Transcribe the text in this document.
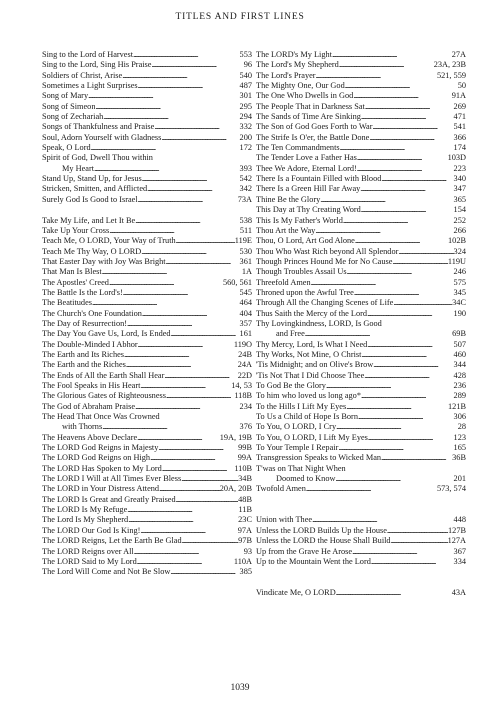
TITLES AND FIRST LINES
Sing to the Lord of Harvest . . .	553
Sing to the Lord, Sing His Praise . . .	96
Soldiers of Christ, Arise . . .	540
Sometimes a Light Surprises . . .	487
Song of Mary . . .	301
Song of Simeon . . .	295
Song of Zechariah . . .	294
Songs of Thankfulness and Praise . . .	332
Soul, Adorn Yourself with Gladness . . .	200
Speak, O Lord . . .	172
Spirit of God, Dwell Thou within
My Heart . . .	393
Stand Up, Stand Up, for Jesus . . .	542
Stricken, Smitten, and Afflicted . . .	342
Surely God Is Good to Israel . . .	73A
Take My Life, and Let It Be . . .	538
Take Up Your Cross . . .	511
Teach Me, O LORD, Your Way of Truth . . .	119E
Teach Me Thy Way, O LORD . . .	530
That Easter Day with Joy Was Bright . . .	361
That Man Is Blest . . .	1A
The Apostles' Creed . . .	560, 561
The Battle Is the Lord's! . . .	545
The Beatitudes . . .	464
The Church's One Foundation . . .	404
The Day of Resurrection! . . .	357
The Day You Gave Us, Lord, Is Ended . . .	161
The Double-Minded I Abhor . . .	119O
The Earth and Its Riches . . .	24B
The Earth and the Riches . . .	24A
The Ends of All the Earth Shall Hear . . .	22D
The Fool Speaks in His Heart . . .	14, 53
The Glorious Gates of Righteousness . . .	118B
The God of Abraham Praise . . .	234
The Head That Once Was Crowned
with Thorns . . .	376
The Heavens Above Declare . . .	19A, 19B
The LORD God Reigns in Majesty . . .	99B
The LORD God Reigns on High . . .	99A
The LORD Has Spoken to My Lord . . .	110B
The LORD I Will at All Times Ever Bless . . .	34B
The LORD in Your Distress Attend . . .	20A, 20B
The LORD Is Great and Greatly Praised . . .	48B
The LORD Is My Refuge . . .	11B
The Lord Is My Shepherd . . .	23C
The LORD Our God Is King! . . .	97A
The LORD Reigns, Let the Earth Be Glad . . .	97B
The LORD Reigns over All . . .	93
The LORD Said to My Lord . . .	110A
The Lord Will Come and Not Be Slow . . .	385
The LORD's My Light . . .	27A
The Lord's My Shepherd . . .	23A, 23B
The Lord's Prayer . . .	521, 559
The Mighty One, Our God . . .	50
The One Who Dwells in God . . .	91A
The People That in Darkness Sat . . .	269
The Sands of Time Are Sinking . . .	471
The Son of God Goes Forth to War . . .	541
The Strife Is O'er, the Battle Done . . .	366
The Ten Commandments . . .	174
The Tender Love a Father Has . . .	103D
Thee We Adore, Eternal Lord! . . .	223
There Is a Fountain Filled with Blood . . .	340
There Is a Green Hill Far Away . . .	347
Thine Be the Glory . . .	365
This Day at Thy Creating Word . . .	154
This Is My Father's World . . .	252
Thou Art the Way . . .	266
Thou, O Lord, Art God Alone . . .	102B
Thou Who Wast Rich beyond All Splendor . . .	324
Though Princes Hound Me for No Cause . . .	119U
Though Troubles Assail Us . . .	246
Threefold Amen . . .	575
Throned upon the Awful Tree . . .	345
Through All the Changing Scenes of Life . . .	34C
Thus Saith the Mercy of the Lord . . .	190
Thy Lovingkindness, LORD, Is Good
and Free . . .	69B
Thy Mercy, Lord, Is What I Need . . .	507
Thy Works, Not Mine, O Christ . . .	460
'Tis Midnight; and on Olive's Brow . . .	344
'Tis Not That I Did Choose Thee . . .	428
To God Be the Glory . . .	236
To him who loved us long ago* . . .	289
To the Hills I Lift My Eyes . . .	121B
To Us a Child of Hope Is Born . . .	306
To You, O LORD, I Cry . . .	28
To You, O LORD, I Lift My Eyes . . .	123
To Your Temple I Repair . . .	165
Transgression Speaks to Wicked Man . . .	36B
T'was on That Night When
Doomed to Know . . .	201
Twofold Amen . . .	573, 574
Union with Thee . . .	448
Unless the LORD Builds Up the House . . .	127B
Unless the LORD the House Shall Build . . .	127A
Up from the Grave He Arose . . .	367
Up to the Mountain Went the Lord . . .	334
Vindicate Me, O LORD . . .	43A
1039
